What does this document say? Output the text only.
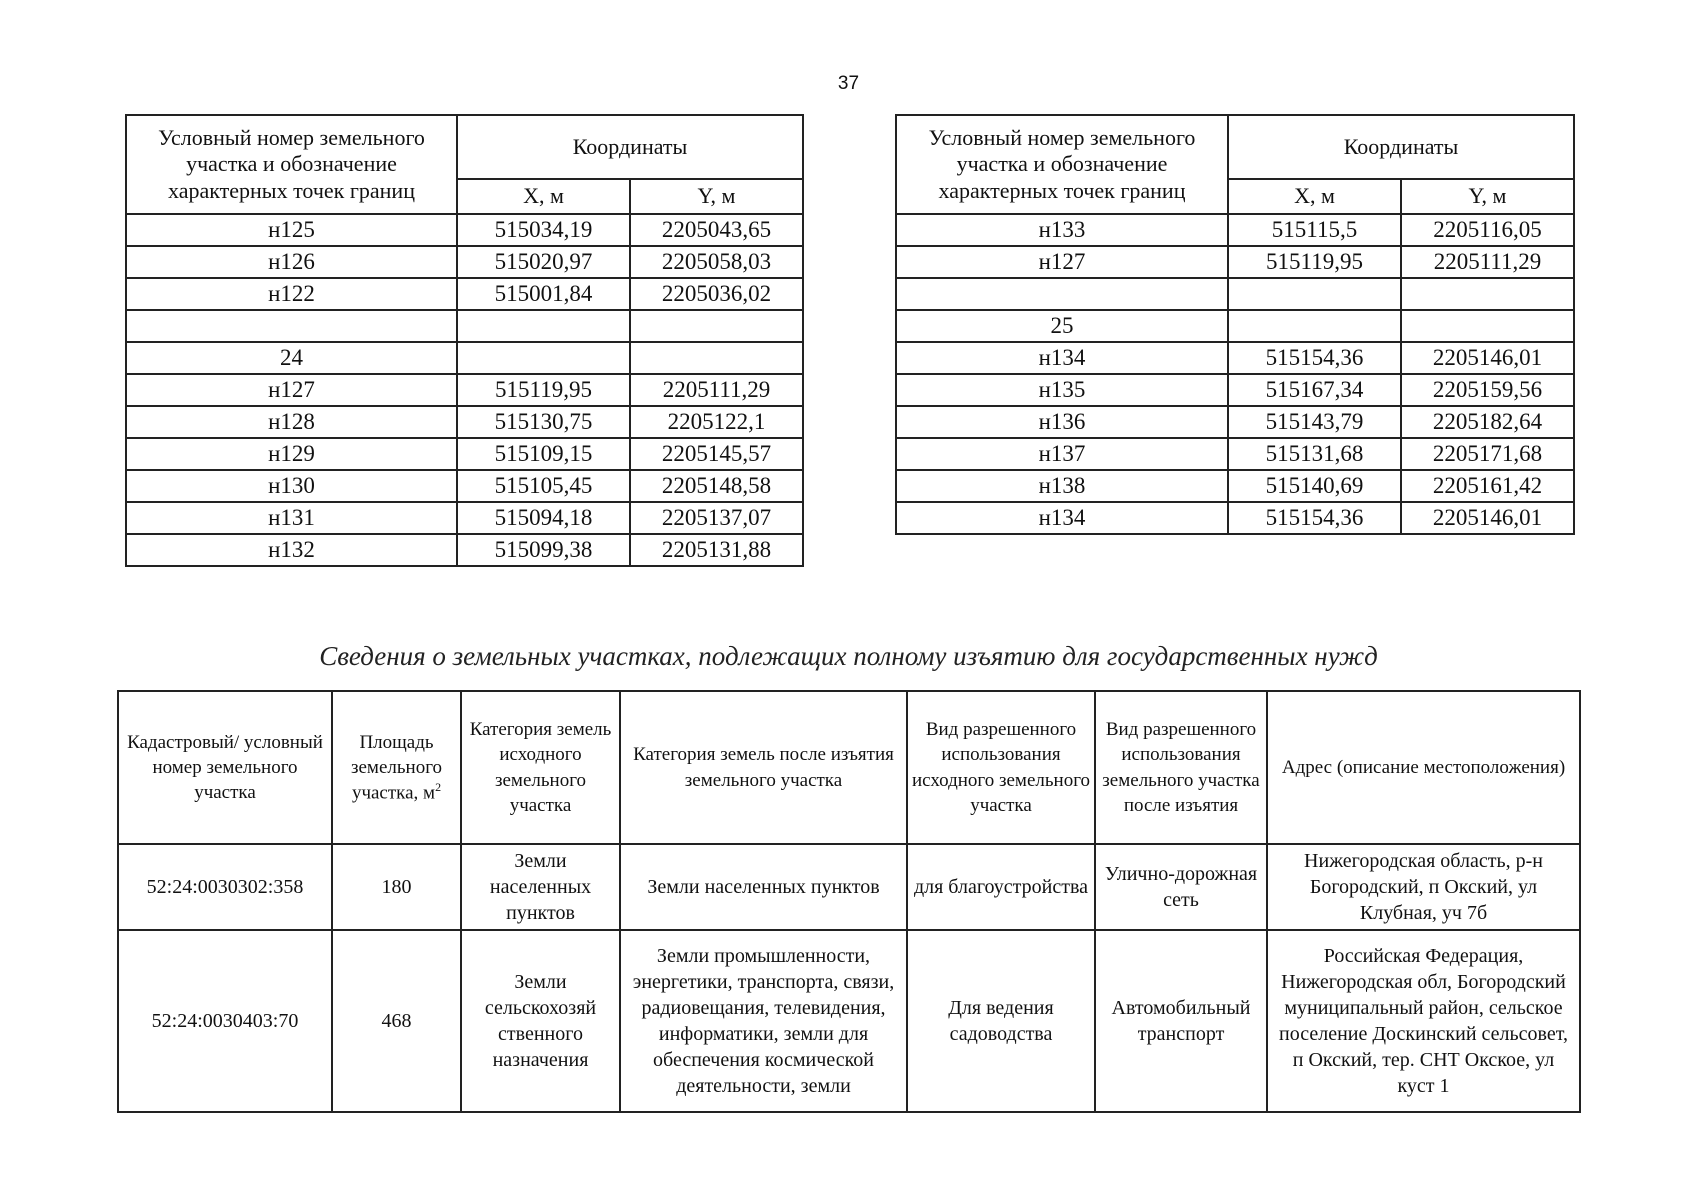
37
Условный номер земельного участка и обозначение характерных точек границ	Координаты	
	X, м	Y, м
н125	515034,19	2205043,65
н126	515020,97	2205058,03
н122	515001,84	2205036,02

24		
н127	515119,95	2205111,29
н128	515130,75	2205122,1
н129	515109,15	2205145,57
н130	515105,45	2205148,58
н131	515094,18	2205137,07
н132	515099,38	2205131,88
Условный номер земельного участка и обозначение характерных точек границ	Координаты	
	X, м	Y, м
н133	515115,5	2205116,05
н127	515119,95	2205111,29

25		
н134	515154,36	2205146,01
н135	515167,34	2205159,56
н136	515143,79	2205182,64
н137	515131,68	2205171,68
н138	515140,69	2205161,42
н134	515154,36	2205146,01
Сведения о земельных участках, подлежащих полному изъятию для государственных нужд
Кадастровый/ условный номер земельного участка	Площадь земельного участка, $м^2$	Категория земель исходного земельного участка	Категория земель после изъятия земельного участка	Вид разрешенного использования исходного земельного участка	Вид разрешенного использования земельного участка после изъятия	Адрес (описание местоположения)
52:24:0030302:358	180	Земли населенных пунктов	Земли населенных пунктов	для благоустройства	Улично-дорожная сеть	Нижегородская область, р-н Богородский, п Окский, ул Клубная, уч 7б
52:24:0030403:70	468	Земли сельскохозяй ственного назначения	Земли промышленности, энергетики, транспорта, связи, радиовещания, телевидения, информатики, земли для обеспечения космической деятельности, земли	Для ведения садоводства	Автомобильный транспорт	Российская Федерация, Нижегородская обл, Богородский муниципальный район, сельское поселение Доскинский сельсовет, п Окский, тер. СНТ Окское, ул куст 1
